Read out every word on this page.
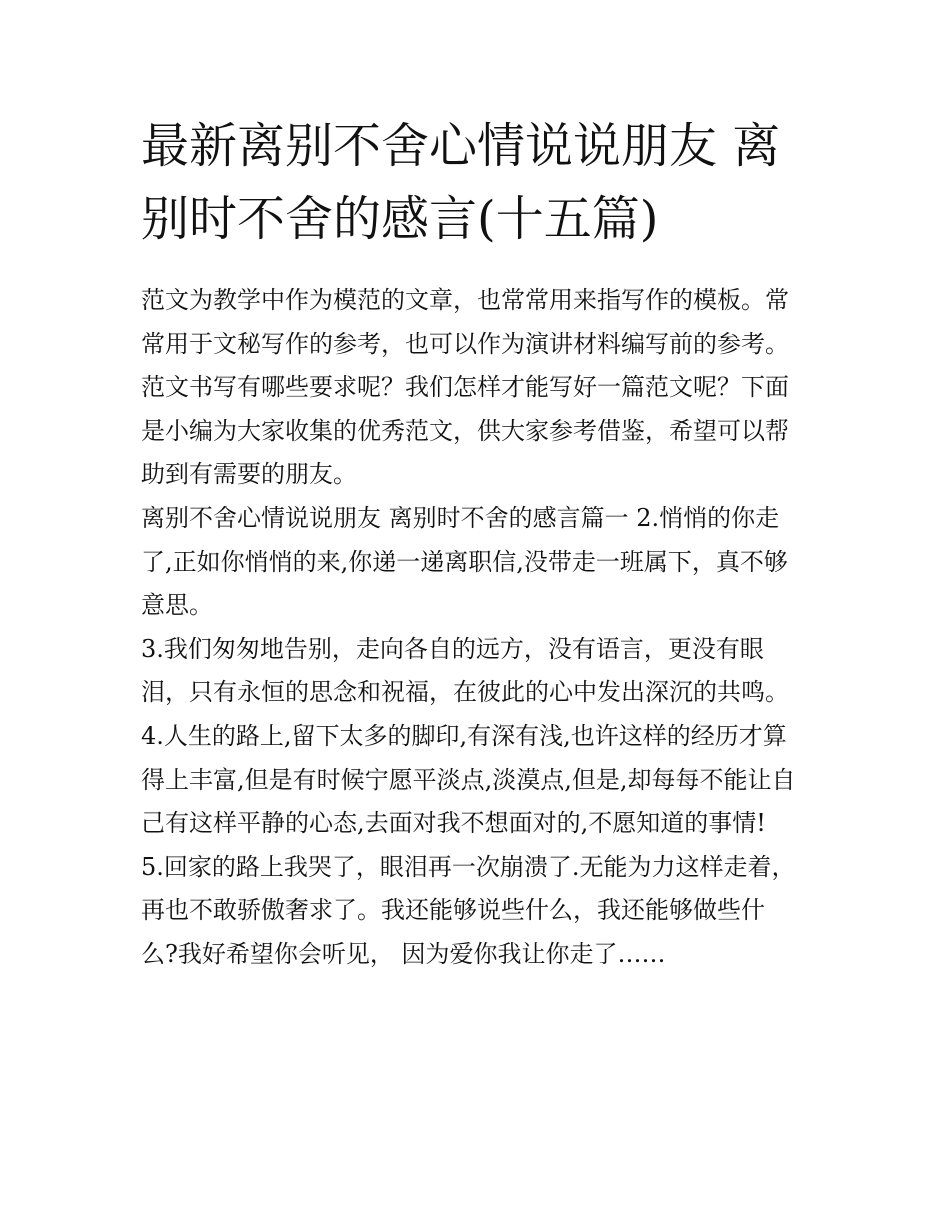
最新离别不舍心情说说朋友 离
别时不舍的感言(十五篇)
范文为教学中作为模范的文章，也常常用来指写作的模板。常
常用于文秘写作的参考，也可以作为演讲材料编写前的参考。
范文书写有哪些要求呢？我们怎样才能写好一篇范文呢？下面
是小编为大家收集的优秀范文，供大家参考借鉴，希望可以帮
助到有需要的朋友。
离别不舍心情说说朋友 离别时不舍的感言篇一 2.悄悄的你走
了,正如你悄悄的来,你递一递离职信,没带走一班属下，真不够
意思。
3.我们匆匆地告别，走向各自的远方，没有语言，更没有眼
泪，只有永恒的思念和祝福，在彼此的心中发出深沉的共鸣。
4.人生的路上,留下太多的脚印,有深有浅,也许这样的经历才算
得上丰富,但是有时候宁愿平淡点,淡漠点,但是,却每每不能让自
己有这样平静的心态,去面对我不想面对的,不愿知道的事情!
5.回家的路上我哭了，眼泪再一次崩溃了.无能为力这样走着，
再也不敢骄傲奢求了。我还能够说些什么，我还能够做些什
么?我好希望你会听见， 因为爱你我让你走了……
